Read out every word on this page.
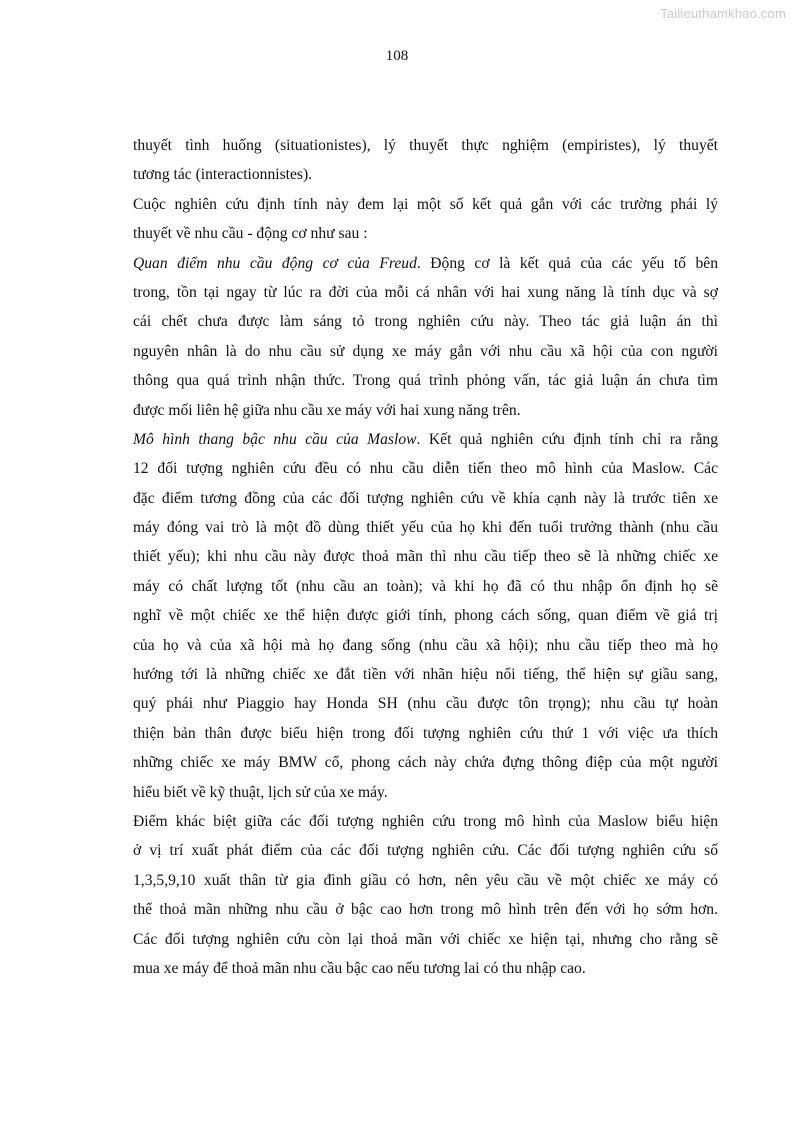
Tailieuthamkhao.com
108
thuyết tình huống (situationistes), lý thuyết thực nghiệm (empiristes), lý thuyết
tương tác (interactionnistes).
Cuộc nghiên cứu định tính này đem lại một số kết quả gắn với các trường phái lý
thuyết về nhu cầu - động cơ như sau :
Quan điểm nhu cầu động cơ của Freud. Động cơ là kết quả của các yếu tố bên
trong, tồn tại ngay từ lúc ra đời của mỗi cá nhân với hai xung năng là tính dục và sợ
cái chết chưa được làm sáng tỏ trong nghiên cứu này. Theo tác giả luận án thì
nguyên nhân là do nhu cầu sử dụng xe máy gắn với nhu cầu xã hội của con người
thông qua quá trình nhận thức. Trong quá trình phỏng vấn, tác giả luận án chưa tìm
được mối liên hệ giữa nhu cầu xe máy với hai xung năng trên.
Mô hình thang bậc nhu cầu của Maslow. Kết quả nghiên cứu định tính chỉ ra rằng
12 đối tượng nghiên cứu đều có nhu cầu diễn tiến theo mô hình của Maslow. Các
đặc điểm tương đồng của các đối tượng nghiên cứu về khía cạnh này là trước tiên xe
máy đóng vai trò là một đồ dùng thiết yếu của họ khi đến tuổi trưởng thành (nhu cầu
thiết yếu); khi nhu cầu này được thoả mãn thì nhu cầu tiếp theo sẽ là những chiếc xe
máy có chất lượng tốt (nhu cầu an toàn); và khi họ đã có thu nhập ổn định họ sẽ
nghĩ về một chiếc xe thể hiện được giới tính, phong cách sống, quan điểm về giá trị
của họ và của xã hội mà họ đang sống (nhu cầu xã hội); nhu cầu tiếp theo mà họ
hướng tới là những chiếc xe đắt tiền với nhãn hiệu nổi tiếng, thể hiện sự giầu sang,
quý phái như Piaggio hay Honda SH (nhu cầu được tôn trọng); nhu cầu tự hoàn
thiện bản thân được biểu hiện trong đối tượng nghiên cứu thứ 1 với việc ưa thích
những chiếc xe máy BMW cổ, phong cách này chứa đựng thông điệp của một người
hiểu biết về kỹ thuật, lịch sử của xe máy.
Điểm khác biệt giữa các đối tượng nghiên cứu trong mô hình của Maslow biểu hiện
ở vị trí xuất phát điểm của các đối tượng nghiên cứu. Các đối tượng nghiên cứu số
1,3,5,9,10 xuất thân từ gia đình giầu có hơn, nên yêu cầu về một chiếc xe máy có
thể thoả mãn những nhu cầu ở bậc cao hơn trong mô hình trên đến với họ sớm hơn.
Các đối tượng nghiên cứu còn lại thoả mãn với chiếc xe hiện tại, nhưng cho rằng sẽ
mua xe máy để thoả mãn nhu cầu bậc cao nếu tương lai có thu nhập cao.
